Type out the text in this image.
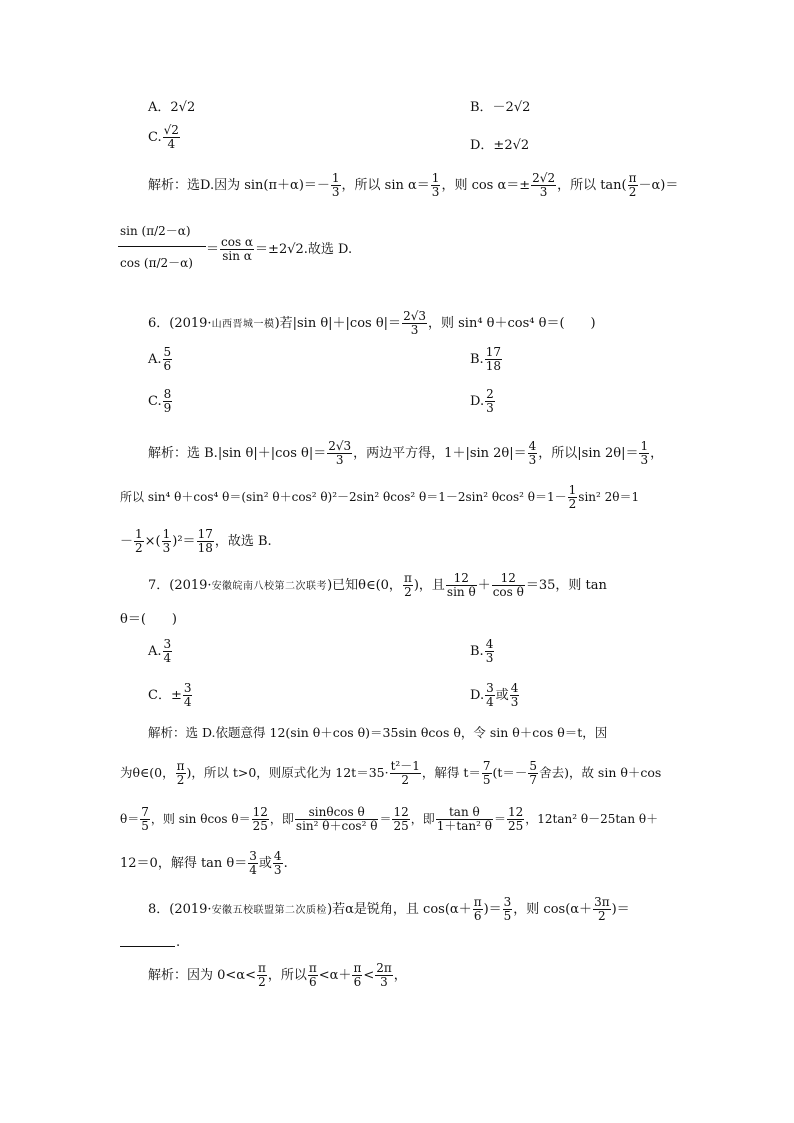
A．2√2	B．－2√2
C. $\frac{√2}{4}$	D．±2√2
解析：选D.因为 $\sin(\pi+\alpha)=- \frac{1}{3}$ ，所以 $\sin \alpha= \frac{1}{3}$ ，则 $\cos \alpha=\pm \frac{2√2}{3}$ ，所以 $\tan( \frac{\pi}{2} -\alpha)=$
sin (π/2－α)
cos (π/2－α)
＝ $\frac{\text{cos α}}{\text{sin α}} =\pm 2√2$.故选 D.
6．(2019·山西晋城一模)若|sin θ|＋|cos $\theta|= \frac{2√3}{3}$ ，则 sin⁴ θ＋cos⁴ θ＝(　　)
A. $\frac{5}{6}$	B. $\frac{17}{18}$
C. $\frac{8}{9}$	D. $\frac{2}{3}$
解析：选 B.|sin θ|＋|cos $\theta|= \frac{2√3}{3}$ ，两边平方得，1＋|sin $2\theta|= \frac{4}{3}$ ，所以|sin $2\theta|= \frac{1}{3}$ ，
所以 sin⁴ θ＋cos⁴ θ＝(sin² θ＋cos² θ)²－2sin² θcos² θ＝1－2sin² θcos² $\theta=1- \frac{1}{2} \sin^2$ 2θ＝1
－ $\frac{1}{2}$ ×( $\frac{1}{3} )^2= \frac{17}{18}$ ，故选 B.
7．(2019·安徽皖南八校第二次联考)已知θ∈(0， $\frac{\pi}{2}$ )，且 $\frac{12}{\text{sin θ}} + \frac{12}{\text{cos θ}} =35$，则 tan
θ＝(　　)
A. $\frac{3}{4}$	B. $\frac{4}{3}$
C．± $\frac{3}{4}$	D. $\frac{3}{4}$ 或 $\frac{4}{3}$
解析：选 D.依题意得 12(sin θ＋cos θ)＝35sin θcos θ，令 sin θ＋cos θ＝t，因
为θ∈(0， $\frac{\pi}{2}$ )，所以 t>0，则原式化为 $12t=35\cdot \frac{\text{t²－1}}{2}$ ，解得 $t= \frac{7}{5} (t=- \frac{5}{7}$ 舍去)，故 sin θ＋cos
$\theta= \frac{7}{5}$ ，则 sin θcos $\theta= \frac{12}{25}$ ，即 $\frac{\text{sinθcos θ}}{\text{sin² θ＋cos² θ}} = \frac{12}{25}$ ，即 $\frac{\text{tan θ}}{\text{1＋tan² θ}} = \frac{12}{25}$ ，12tan² θ－25tan θ＋
12＝0，解得 $\tan \theta= \frac{3}{4}$ 或 $\frac{4}{3}$ .
8．(2019·安徽五校联盟第二次质检)若α是锐角，且 $\cos(\alpha+ \frac{\pi}{6}$ )＝ $\frac{3}{5}$ ，则 $\cos(\alpha+ \frac{3\pi}{2}$ )＝
.
解析：因为 $0<\alpha< \frac{\pi}{2}$ ，所以 $\frac{\pi}{6} <\alpha+ \frac{\pi}{6} < \frac{2\pi}{3}$ ，
